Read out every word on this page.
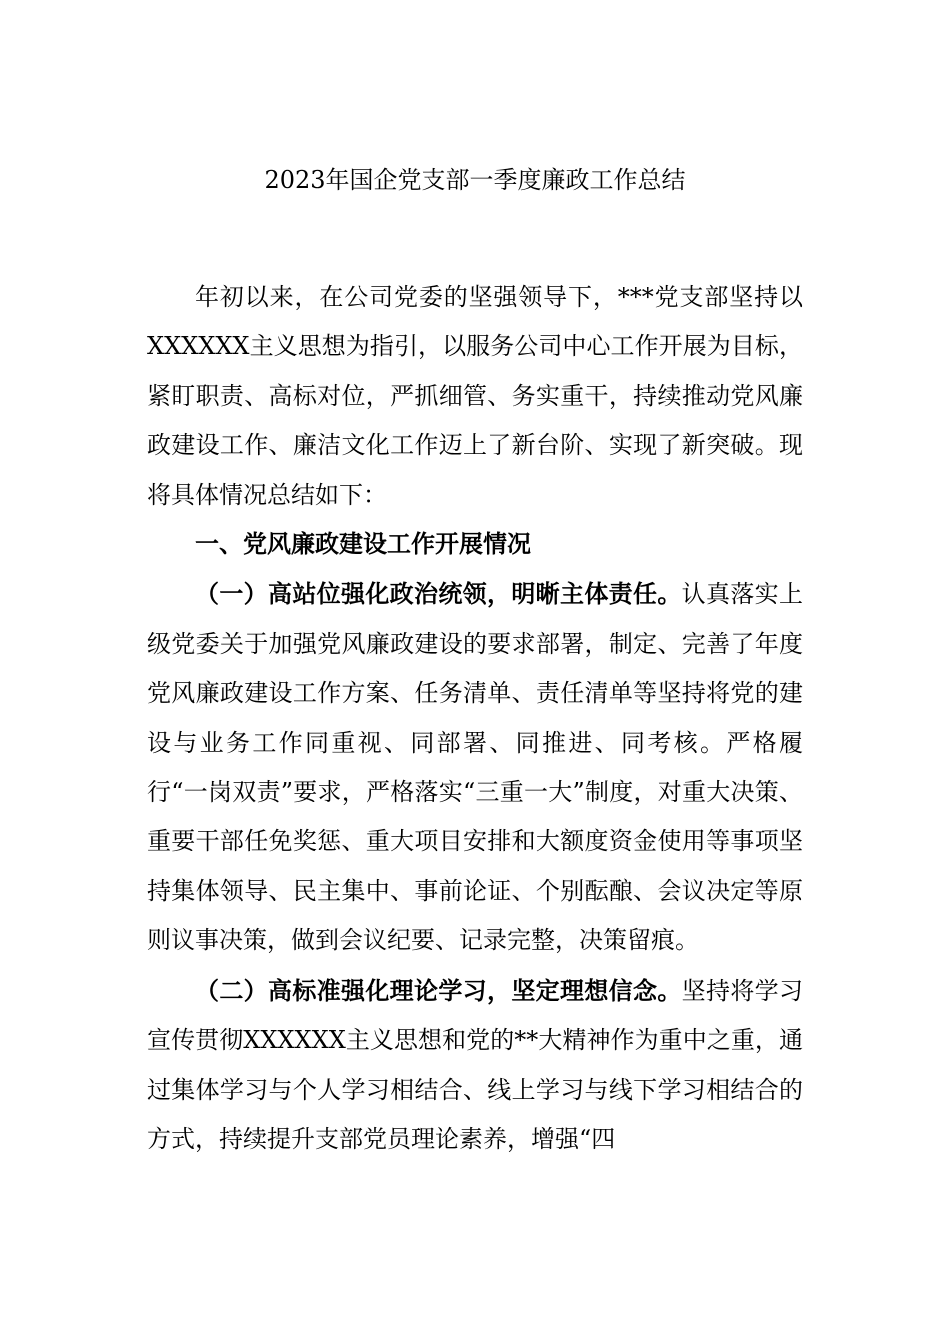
2023年国企党支部一季度廉政工作总结

年初以来，在公司党委的坚强领导下，***党支部坚持以XXXXXX主义思想为指引，以服务公司中心工作开展为目标，紧盯职责、高标对位，严抓细管、务实重干，持续推动党风廉政建设工作、廉洁文化工作迈上了新台阶、实现了新突破。现将具体情况总结如下：

一、党风廉政建设工作开展情况

（一）高站位强化政治统领，明晰主体责任。认真落实上级党委关于加强党风廉政建设的要求部署，制定、完善了年度党风廉政建设工作方案、任务清单、责任清单等坚持将党的建设与业务工作同重视、同部署、同推进、同考核。严格履行“一岗双责”要求，严格落实“三重一大”制度，对重大决策、重要干部任免奖惩、重大项目安排和大额度资金使用等事项坚持集体领导、民主集中、事前论证、个别酝酿、会议决定等原则议事决策，做到会议纪要、记录完整，决策留痕。

（二）高标准强化理论学习，坚定理想信念。坚持将学习宣传贯彻XXXXXX主义思想和党的**大精神作为重中之重，通过集体学习与个人学习相结合、线上学习与线下学习相结合的方式，持续提升支部党员理论素养，增强“四
